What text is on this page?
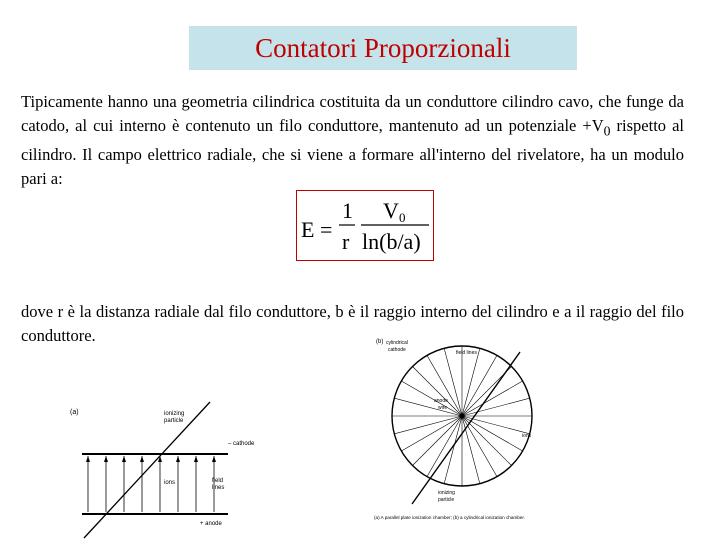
Contatori Proporzionali

Tipicamente hanno una geometria cilindrica costituita da un conduttore cilindro cavo, che funge da catodo, al cui interno è contenuto un filo conduttore, mantenuto ad un potenziale $+V_0$ rispetto al cilindro. Il campo elettrico radiale, che si viene a formare all'interno del rivelatore, ha un modulo pari a:

E =
1
r
V 0
ln(b/a)

dove r è la distanza radiale dal filo conduttore, b è il raggio interno del cilindro e a il raggio del filo conduttore.

(a)	ionizing
particle
– cathode
+ anode
ions	field
lines
(b) cylindrical
cathode	field lines
anode
wire
ions
ionizing
particle
(a) A parallel plate ionization chamber; (b) a cylindrical ionization chamber.
